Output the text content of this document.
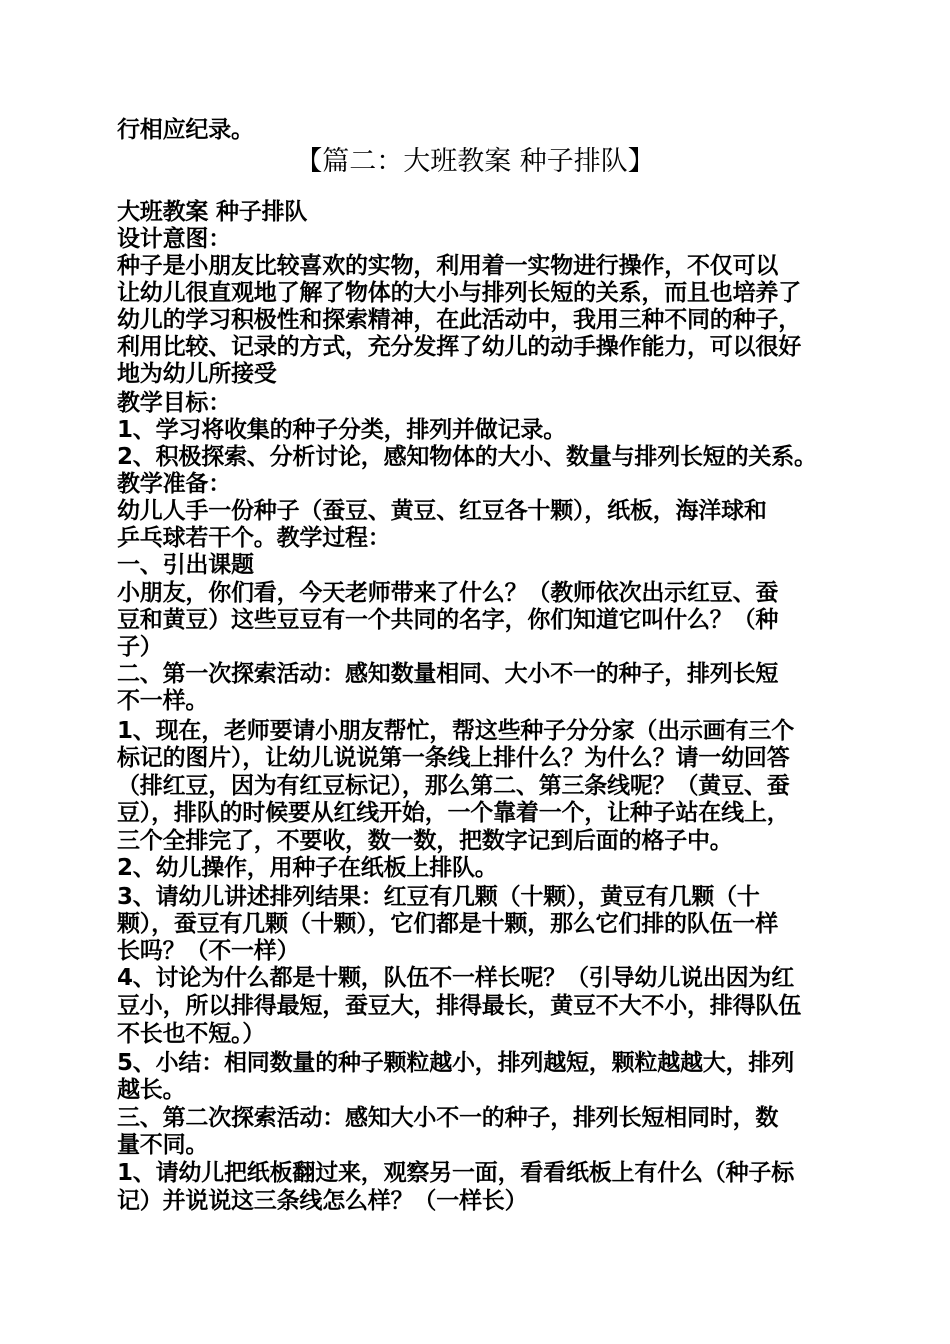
行相应纪录。
【篇二：大班教案 种子排队】
大班教案 种子排队
设计意图：
种子是小朋友比较喜欢的实物，利用着一实物进行操作，不仅可以
让幼儿很直观地了解了物体的大小与排列长短的关系，而且也培养了
幼儿的学习积极性和探索精神，在此活动中，我用三种不同的种子，
利用比较、记录的方式，充分发挥了幼儿的动手操作能力，可以很好
地为幼儿所接受
教学目标：
1、学习将收集的种子分类，排列并做记录。
2、积极探索、分析讨论，感知物体的大小、数量与排列长短的关系。
教学准备：
幼儿人手一份种子（蚕豆、黄豆、红豆各十颗），纸板，海洋球和
乒乓球若干个。教学过程：
一、引出课题
小朋友，你们看，今天老师带来了什么？（教师依次出示红豆、蚕
豆和黄豆）这些豆豆有一个共同的名字，你们知道它叫什么？（种
子）
二、第一次探索活动：感知数量相同、大小不一的种子，排列长短
不一样。
1、现在，老师要请小朋友帮忙，帮这些种子分分家（出示画有三个
标记的图片），让幼儿说说第一条线上排什么？为什么？请一幼回答
（排红豆，因为有红豆标记），那么第二、第三条线呢？（黄豆、蚕
豆），排队的时候要从红线开始，一个靠着一个，让种子站在线上，
三个全排完了，不要收，数一数，把数字记到后面的格子中。
2、幼儿操作，用种子在纸板上排队。
3、请幼儿讲述排列结果：红豆有几颗（十颗），黄豆有几颗（十
颗），蚕豆有几颗（十颗），它们都是十颗，那么它们排的队伍一样
长吗？（不一样）
4、讨论为什么都是十颗，队伍不一样长呢？（引导幼儿说出因为红
豆小，所以排得最短，蚕豆大，排得最长，黄豆不大不小，排得队伍
不长也不短。）
5、小结：相同数量的种子颗粒越小，排列越短，颗粒越越大，排列
越长。
三、第二次探索活动：感知大小不一的种子，排列长短相同时，数
量不同。
1、请幼儿把纸板翻过来，观察另一面，看看纸板上有什么（种子标
记）并说说这三条线怎么样？（一样长）
